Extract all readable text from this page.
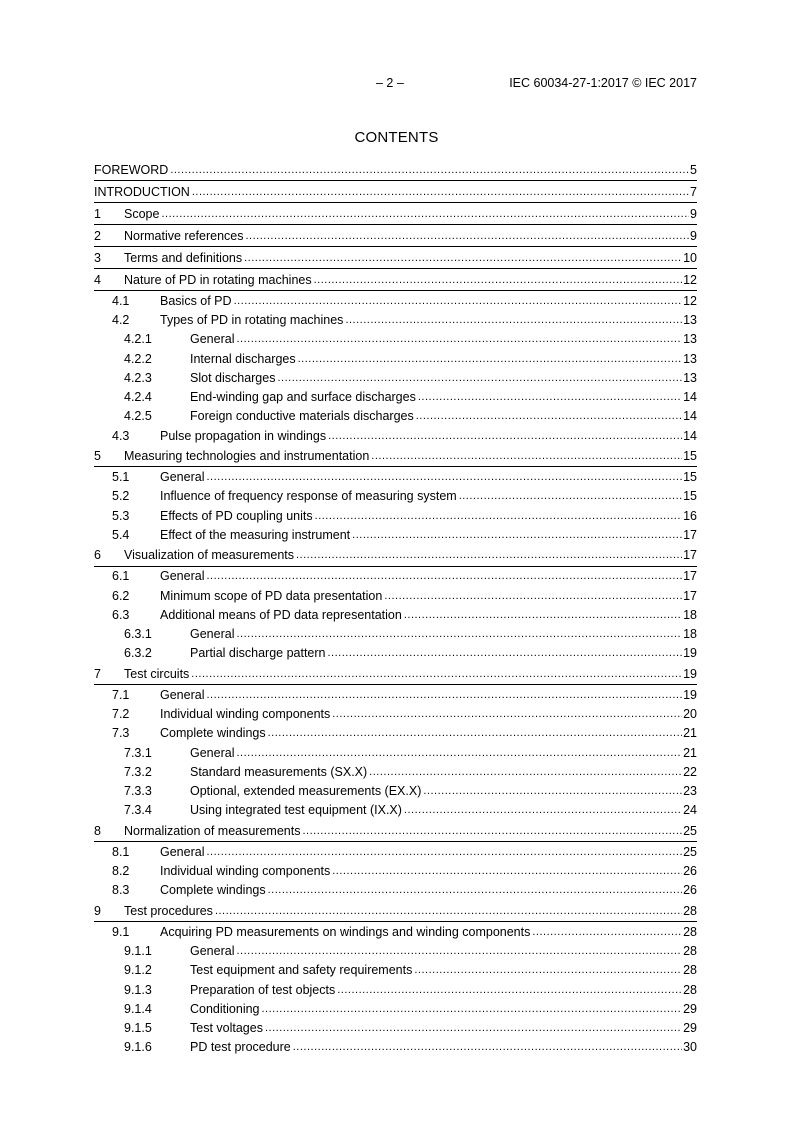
– 2 –	IEC 60034-27-1:2017 © IEC 2017
CONTENTS
FOREWORD .....	5
INTRODUCTION .....	7
1	Scope .....	9
2	Normative references .....	9
3	Terms and definitions .....	10
4	Nature of PD in rotating machines .....	12
4.1	Basics of PD .....	12
4.2	Types of PD in rotating machines .....	13
4.2.1	General .....	13
4.2.2	Internal discharges .....	13
4.2.3	Slot discharges .....	13
4.2.4	End-winding gap and surface discharges .....	14
4.2.5	Foreign conductive materials discharges .....	14
4.3	Pulse propagation in windings .....	14
5	Measuring technologies and instrumentation .....	15
5.1	General .....	15
5.2	Influence of frequency response of measuring system .....	15
5.3	Effects of PD coupling units .....	16
5.4	Effect of the measuring instrument .....	17
6	Visualization of measurements .....	17
6.1	General .....	17
6.2	Minimum scope of PD data presentation .....	17
6.3	Additional means of PD data representation .....	18
6.3.1	General .....	18
6.3.2	Partial discharge pattern .....	19
7	Test circuits .....	19
7.1	General .....	19
7.2	Individual winding components .....	20
7.3	Complete windings .....	21
7.3.1	General .....	21
7.3.2	Standard measurements (SX.X) .....	22
7.3.3	Optional, extended measurements (EX.X) .....	23
7.3.4	Using integrated test equipment (IX.X) .....	24
8	Normalization of measurements .....	25
8.1	General .....	25
8.2	Individual winding components .....	26
8.3	Complete windings .....	26
9	Test procedures .....	28
9.1	Acquiring PD measurements on windings and winding components .....	28
9.1.1	General .....	28
9.1.2	Test equipment and safety requirements .....	28
9.1.3	Preparation of test objects .....	28
9.1.4	Conditioning .....	29
9.1.5	Test voltages .....	29
9.1.6	PD test procedure .....	30
